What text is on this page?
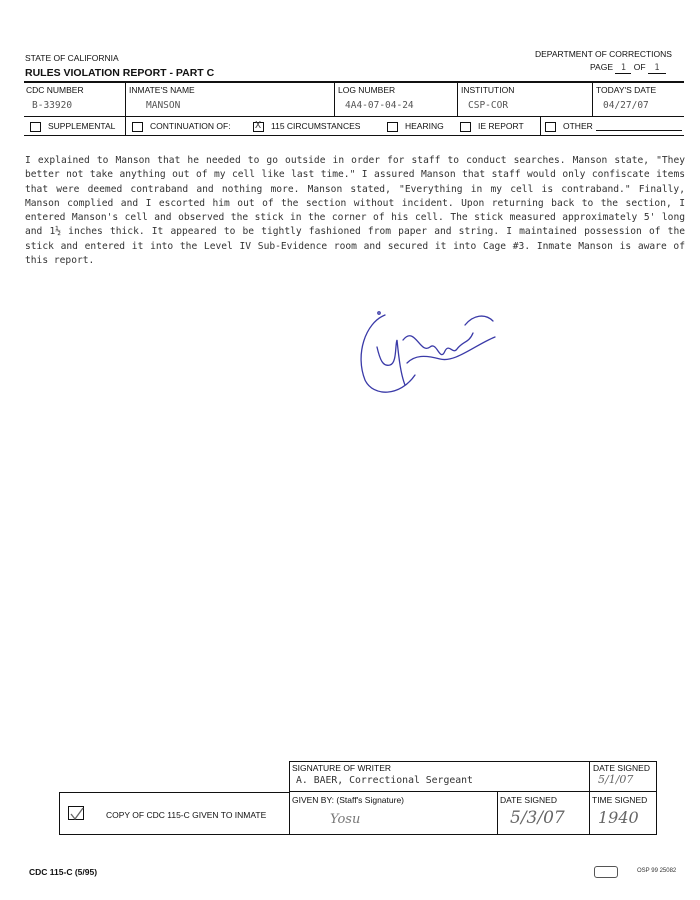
STATE OF CALIFORNIA	DEPARTMENT OF CORRECTIONS
RULES VIOLATION REPORT - PART C	PAGE 1 OF 1
CDC NUMBER
B-33920
INMATE'S NAME
MANSON
LOG NUMBER
4A4-07-04-24
INSTITUTION
CSP-COR
TODAY'S DATE
04/27/07
SUPPLEMENTAL	CONTINUATION OF: X 115 CIRCUMSTANCES	HEARING	IE REPORT	OTHER
I explained to Manson that he needed to go outside in order for staff to conduct searches. Manson state, "They better not take anything out of my cell like last time." I assured Manson that staff would only confiscate items that were deemed contraband and nothing more. Manson stated, "Everything in my cell is contraband." Finally, Manson complied and I escorted him out of the section without incident. Upon returning back to the section, I entered Manson's cell and observed the stick in the corner of his cell. The stick measured approximately 5' long and 1½ inches thick. It appeared to be tightly fashioned from paper and string. I maintained possession of the stick and entered it into the Level IV Sub-Evidence room and secured it into Cage #3. Inmate Manson is aware of this report.
C Manson
SIGNATURE OF WRITER
A. BAER, Correctional Sergeant
DATE SIGNED
5/1/07
COPY OF CDC 115-C GIVEN TO INMATE
GIVEN BY: (Staff's Signature)
Yosu
DATE SIGNED
5/3/07
TIME SIGNED
1940
CDC 115-C (5/95)	OSP 99 25082
